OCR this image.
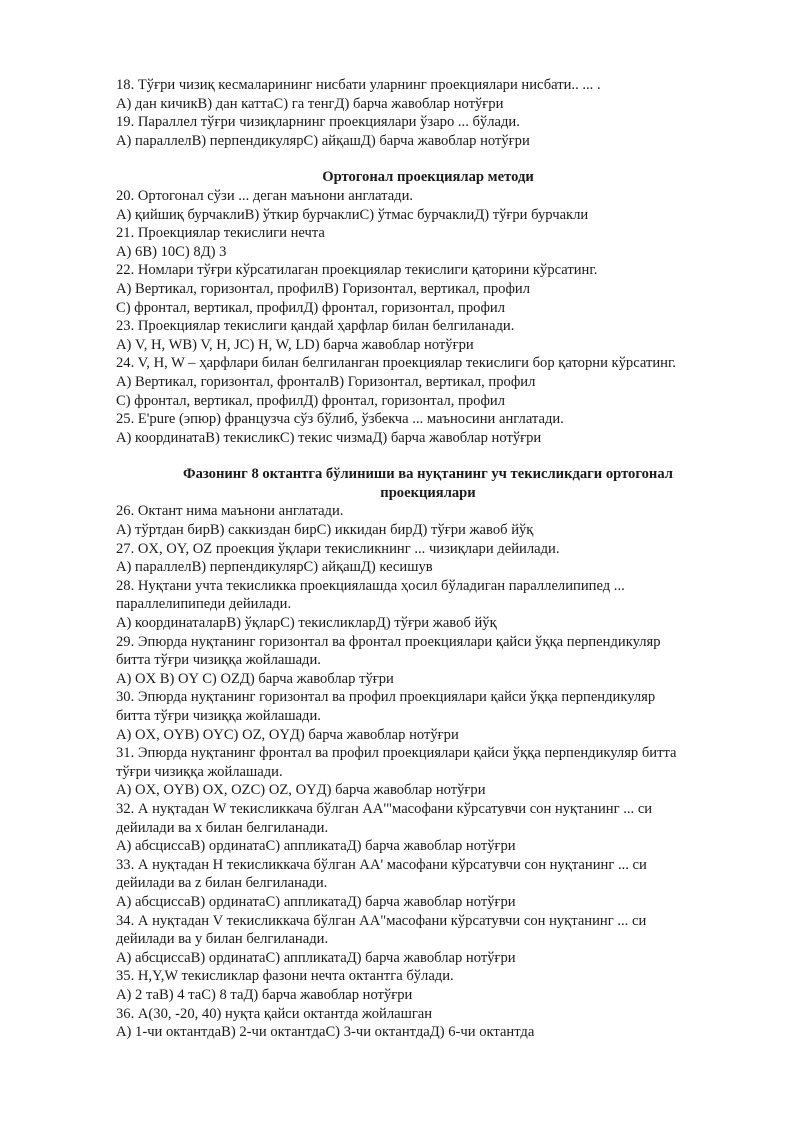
18. Тўғри чизиқ кесмаларининг нисбати уларнинг проекциялари нисбати.. ... .
А) дан кичикВ) дан каттаС) га тенгД) барча жавоблар нотўғри
19. Параллел тўғри чизиқларнинг проекциялари ўзаро ... бўлади.
А) параллелВ) перпендикулярС) айқашД) барча жавоблар нотўғри
Ортогонал проекциялар методи
20. Ортогонал сўзи ... деган маънони англатади.
А) қийшиқ бурчаклиВ) ўткир бурчаклиС) ўтмас бурчаклиД) тўғри бурчакли
21. Проекциялар текислиги нечта
А) 6В) 10С) 8Д) 3
22. Номлари тўғри кўрсатилаган проекциялар текислиги қаторини кўрсатинг.
А) Вертикал, горизонтал, профилВ) Горизонтал, вертикал, профил
С) фронтал, вертикал, профилД) фронтал, горизонтал, профил
23. Проекциялар текислиги қандай ҳарфлар билан белгиланади.
А) V, H, WB) V, H, JC) H, W, LD) барча жавоблар нотўғри
24. V, H, W – ҳарфлари билан белгиланган проекциялар текислиги бор қаторни кўрсатинг.
А) Вертикал, горизонтал, фронталВ) Горизонтал, вертикал, профил
С) фронтал, вертикал, профилД) фронтал, горизонтал, профил
25. E'pure (эпюр) французча сўз бўлиб, ўзбекча ... маъносини англатади.
А) координатаВ) текисликС) текис чизмаД) барча жавоблар нотўғри
Фазонинг 8 октантга бўлиниши ва нуқтанинг уч текисликдаги ортогонал проекциялари
26. Октант нима маънони англатади.
А) тўртдан бирВ) саккиздан бирС) иккидан бирД) тўғри жавоб йўқ
27. OX, OY, OZ проекция ўқлари текисликнинг ... чизиқлари дейилади.
А) параллелВ) перпендикулярС) айқашД) кесишув
28. Нуқтани учта текисликка проекциялашда ҳосил бўладиган параллелипипед ...
параллелипипеди дейилади.
А) координаталарВ) ўқларС) текисликларД) тўғри жавоб йўқ
29. Эпюрда нуқтанинг горизонтал ва фронтал проекциялари қайси ўққа перпендикуляр
битта тўғри чизиққа жойлашади.
А) OX В) OY С) OZД) барча жавоблар тўғри
30. Эпюрда нуқтанинг горизонтал ва профил проекциялари қайси ўққа перпендикуляр
битта тўғри чизиққа жойлашади.
А) OX, OYB) OYC) OZ, OYД) барча жавоблар нотўғри
31. Эпюрда нуқтанинг фронтал ва профил проекциялари қайси ўққа перпендикуляр битта
тўғри чизиққа жойлашади.
А) OX, OYB) OX, OZC) OZ, OYД) барча жавоблар нотўғри
32. А нуқтадан W текисликкача бўлган АА'"масофани кўрсатувчи сон нуқтанинг ... си
дейилади ва x билан белгиланади.
А) абсциссаВ) ординатаС) аппликатаД) барча жавоблар нотўғри
33. А нуқтадан H текисликкача бўлган АА' масофани кўрсатувчи сон нуқтанинг ... си
дейилади ва z билан белгиланади.
А) абсциссаВ) ординатаС) аппликатаД) барча жавоблар нотўғри
34. А нуқтадан V текисликкача бўлган АА"масофани кўрсатувчи сон нуқтанинг ... си
дейилади ва y билан белгиланади.
А) абсциссаВ) ординатаС) аппликатаД) барча жавоблар нотўғри
35. H,Y,W текисликлар фазони нечта октантга бўлади.
А) 2 таВ) 4 таС) 8 таД) барча жавоблар нотўғри
36. А(30, -20, 40) нуқта қайси октантда жойлашган
А) 1-чи октантдаВ) 2-чи октантдаС) 3-чи октантдаД) 6-чи октантда
